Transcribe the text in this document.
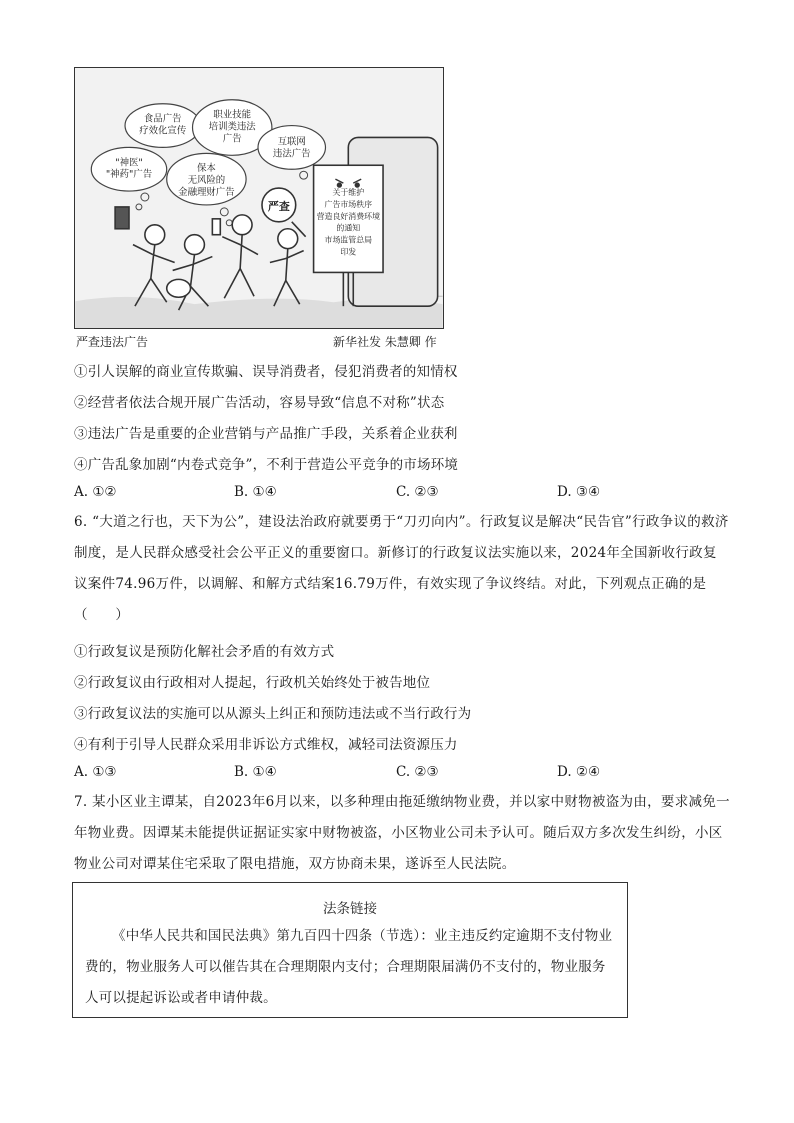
食品广告
疗效化宣传
职业技能
培训类违法
广告	互联网
违法广告
"神医"
"神药"广告
保本
无风险的
金融理财广告
严查
关于维护
广告市场秩序
营造良好消费环境
的通知
市场监管总局
印发
严查违法广告	新华社发 朱慧卿 作
①引人误解的商业宣传欺骗、误导消费者，侵犯消费者的知情权
②经营者依法合规开展广告活动，容易导致“信息不对称”状态
③违法广告是重要的企业营销与产品推广手段，关系着企业获利
④广告乱象加剧“内卷式竞争”，不利于营造公平竞争的市场环境
A. ①②	B. ①④	C. ②③	D. ③④
6. “大道之行也，天下为公”，建设法治政府就要勇于“刀刃向内”。行政复议是解决“民告官”行政争议的救济制度，是人民群众感受社会公平正义的重要窗口。新修订的行政复议法实施以来，2024年全国新收行政复议案件74.96万件，以调解、和解方式结案16.79万件，有效实现了争议终结。对此，下列观点正确的是（　　）
①行政复议是预防化解社会矛盾的有效方式
②行政复议由行政相对人提起，行政机关始终处于被告地位
③行政复议法的实施可以从源头上纠正和预防违法或不当行政行为
④有利于引导人民群众采用非诉讼方式维权，减轻司法资源压力
A. ①③	B. ①④	C. ②③	D. ②④
7. 某小区业主谭某，自2023年6月以来，以多种理由拖延缴纳物业费，并以家中财物被盗为由，要求减免一年物业费。因谭某未能提供证据证实家中财物被盗，小区物业公司未予认可。随后双方多次发生纠纷，小区物业公司对谭某住宅采取了限电措施，双方协商未果，遂诉至人民法院。
法条链接
《中华人民共和国民法典》第九百四十四条（节选）：业主违反约定逾期不支付物业费的，物业服务人可以催告其在合理期限内支付；合理期限届满仍不支付的，物业服务人可以提起诉讼或者申请仲裁。
